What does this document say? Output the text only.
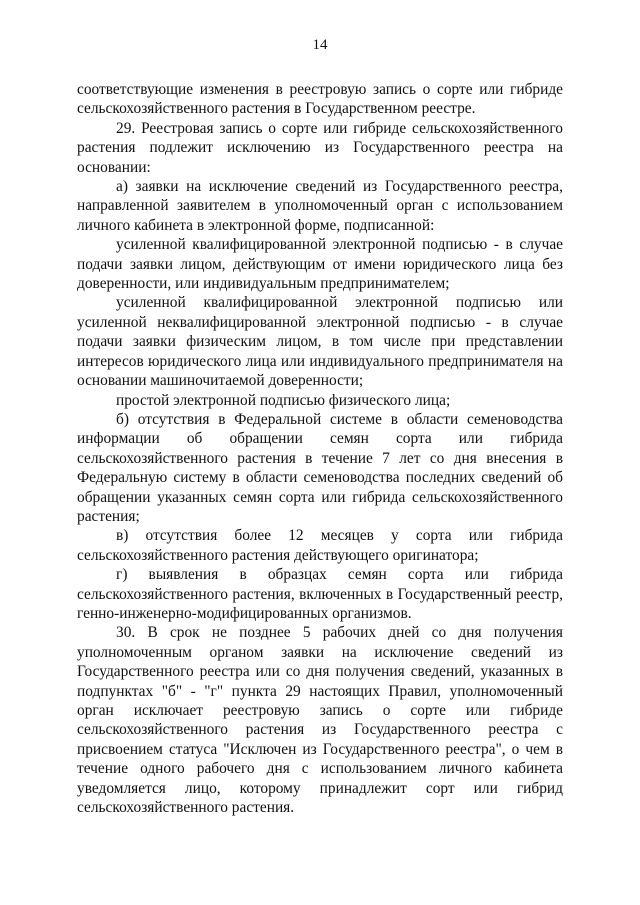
14

соответствующие изменения в реестровую запись о сорте или гибриде сельскохозяйственного растения в Государственном реестре.

29. Реестровая запись о сорте или гибриде сельскохозяйственного растения подлежит исключению из Государственного реестра на основании:

а) заявки на исключение сведений из Государственного реестра, направленной заявителем в уполномоченный орган с использованием личного кабинета в электронной форме, подписанной:

усиленной квалифицированной электронной подписью - в случае подачи заявки лицом, действующим от имени юридического лица без доверенности, или индивидуальным предпринимателем;

усиленной квалифицированной электронной подписью или усиленной неквалифицированной электронной подписью - в случае подачи заявки физическим лицом, в том числе при представлении интересов юридического лица или индивидуального предпринимателя на основании машиночитаемой доверенности;

простой электронной подписью физического лица;

б) отсутствия в Федеральной системе в области семеноводства информации об обращении семян сорта или гибрида сельскохозяйственного растения в течение 7 лет со дня внесения в Федеральную систему в области семеноводства последних сведений об обращении указанных семян сорта или гибрида сельскохозяйственного растения;

в) отсутствия более 12 месяцев у сорта или гибрида сельскохозяйственного растения действующего оригинатора;

г) выявления в образцах семян сорта или гибрида сельскохозяйственного растения, включенных в Государственный реестр, генно-инженерно-модифицированных организмов.

30. В срок не позднее 5 рабочих дней со дня получения уполномоченным органом заявки на исключение сведений из Государственного реестра или со дня получения сведений, указанных в подпунктах "б" - "г" пункта 29 настоящих Правил, уполномоченный орган исключает реестровую запись о сорте или гибриде сельскохозяйственного растения из Государственного реестра с присвоением статуса "Исключен из Государственного реестра", о чем в течение одного рабочего дня с использованием личного кабинета уведомляется лицо, которому принадлежит сорт или гибрид сельскохозяйственного растения.
